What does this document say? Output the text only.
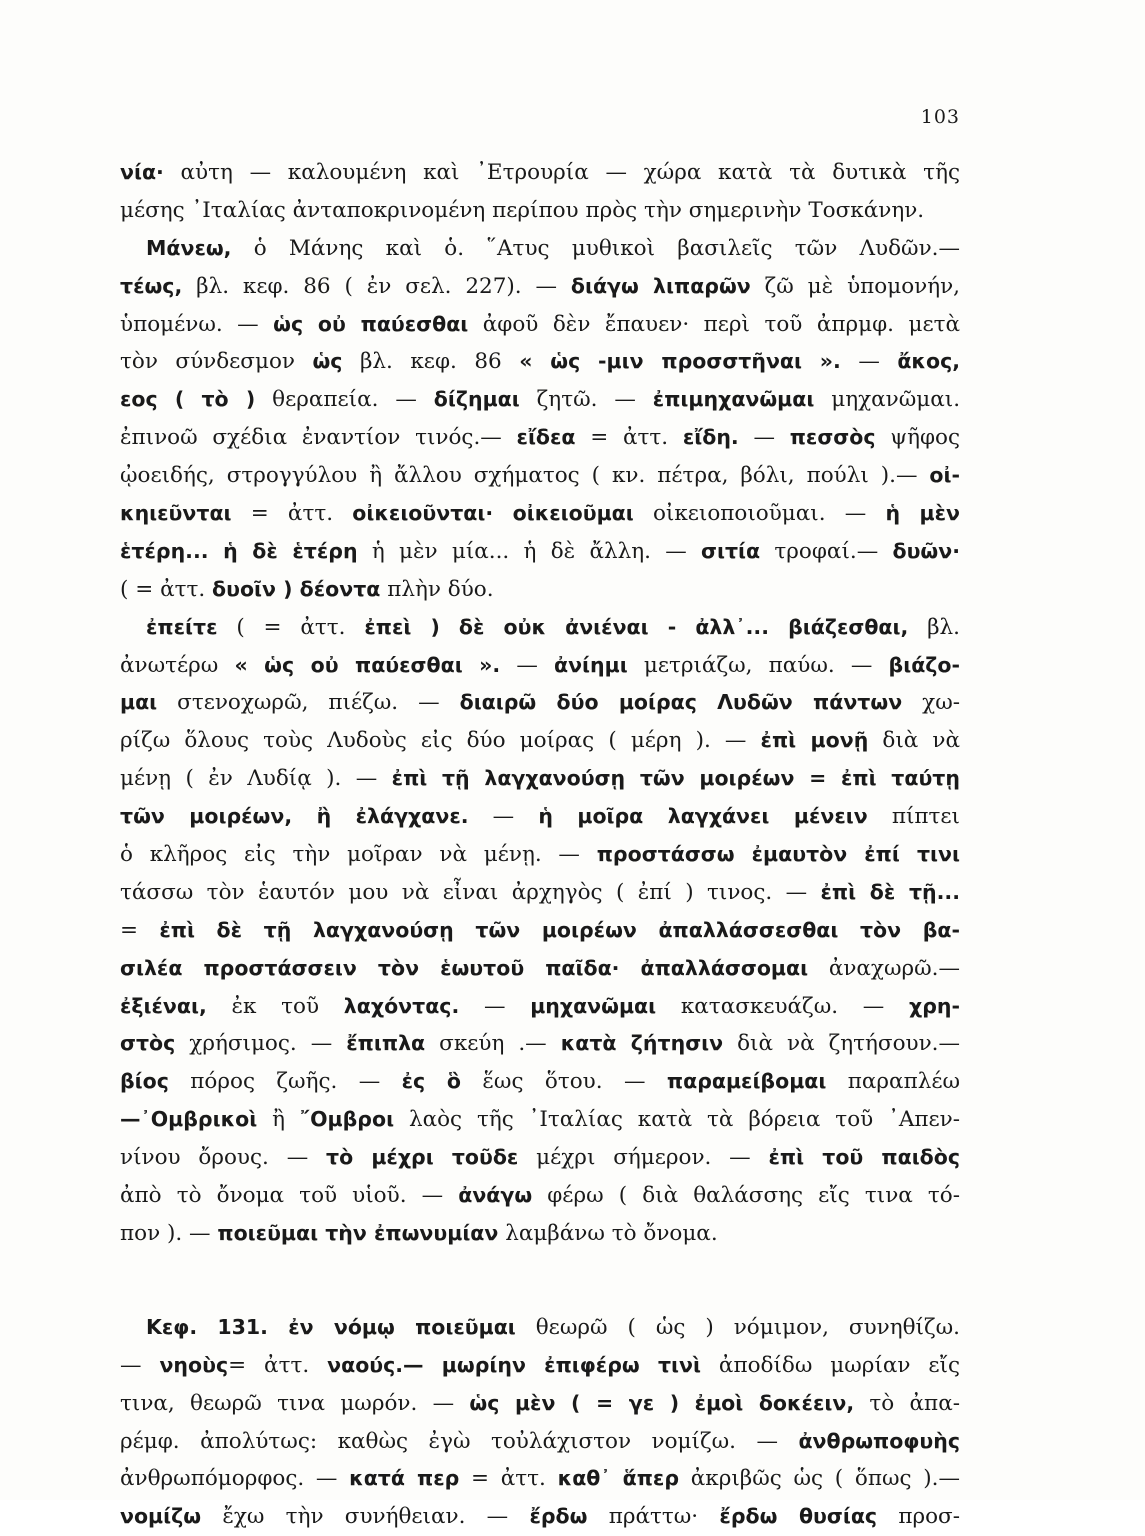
103
νία· αὐτη — καλουμένη καὶ ᾿Ετρουρία — χώρα κατὰ τὰ δυτικὰ τῆς
μέσης ᾿Ιταλίας ἀνταποκρινομένη περίπου πρὸς τὴν σημερινὴν Τοσκάνην.
Μάνεω, ὁ Μάνης καὶ ὁ. ῞Ατυς μυθικοὶ βασιλεῖς τῶν Λυδῶν.—
τέως, βλ. κεφ. 86 ( ἐν σελ. 227). — διάγω λιπαρῶν ζῶ μὲ ὑπομονήν,
ὑπομένω. — ὡς οὐ παύεσθαι ἀφοῦ δὲν ἔπαυεν· περὶ τοῦ ἀπρμφ. μετὰ
τὸν σύνδεσμον ὡς βλ. κεφ. 86 « ὡς -μιν προσστῆναι ». — ἄκος,
εος ( τὸ ) θεραπεία. — δίζημαι ζητῶ. — ἐπιμηχανῶμαι μηχανῶμαι.
ἐπινοῶ σχέδια ἐναντίον τινός.— εἴδεα = ἀττ. εἴδη. — πεσσὸς ψῆφος
ᾠοειδής, στρογγύλου ἢ ἄλλου σχήματος ( κν. πέτρα, βόλι, πούλι ).— οἰ-
κηιεῦνται = ἀττ. οἰκειοῦνται· οἰκειοῦμαι οἰκειοποιοῦμαι. — ἡ μὲν
ἑτέρη... ἡ δὲ ἑτέρη ἡ μὲν μία... ἡ δὲ ἄλλη. — σιτία τροφαί.— δυῶν·
( = ἀττ. δυοῖν ) δέοντα πλὴν δύο.
ἐπείτε ( = ἀττ. ἐπεὶ ) δὲ οὐκ ἀνιέναι - ἀλλ᾿... βιάζεσθαι, βλ.
ἀνωτέρω « ὡς οὐ παύεσθαι ». — ἀνίημι μετριάζω, παύω. — βιάζο-
μαι στενοχωρῶ, πιέζω. — διαιρῶ δύο μοίρας Λυδῶν πάντων χω-
ρίζω ὅλους τοὺς Λυδοὺς εἰς δύο μοίρας ( μέρη ). — ἐπὶ μονῇ διὰ νὰ
μένῃ ( ἐν Λυδίᾳ ). — ἐπὶ τῇ λαγχανούσῃ τῶν μοιρέων = ἐπὶ ταύτῃ
τῶν μοιρέων, ἢ ἐλάγχανε. — ἡ μοῖρα λαγχάνει μένειν πίπτει
ὁ κλῆρος εἰς τὴν μοῖραν νὰ μένῃ. — προστάσσω ἐμαυτὸν ἐπί τινι
τάσσω τὸν ἑαυτόν μου νὰ εἶναι ἀρχηγὸς ( ἐπί ) τινος. — ἐπὶ δὲ τῇ...
= ἐπὶ δὲ τῇ λαγχανούσῃ τῶν μοιρέων ἀπαλλάσσεσθαι τὸν βα-
σιλέα προστάσσειν τὸν ἑωυτοῦ παῖδα· ἀπαλλάσσομαι ἀναχωρῶ.—
ἐξιέναι, ἐκ τοῦ λαχόντας. — μηχανῶμαι κατασκευάζω. — χρη-
στὸς χρήσιμος. — ἔπιπλα σκεύη .— κατὰ ζήτησιν διὰ νὰ ζητήσουν.—
βίος πόρος ζωῆς. — ἐς ὃ ἕως ὅτου. — παραμείβομαι παραπλέω
—᾿Ομβρικοὶ ἢ ῎Ομβροι λαὸς τῆς ᾿Ιταλίας κατὰ τὰ βόρεια τοῦ ᾿Απεν-
νίνου ὄρους. — τὸ μέχρι τοῦδε μέχρι σήμερον. — ἐπὶ τοῦ παιδὸς
ἀπὸ τὸ ὄνομα τοῦ υἱοῦ. — ἀνάγω φέρω ( διὰ θαλάσσης εἴς τινα τό-
πον ). — ποιεῦμαι τὴν ἐπωνυμίαν λαμβάνω τὸ ὄνομα.
Κεφ. 131. ἐν νόμῳ ποιεῦμαι θεωρῶ ( ὡς ) νόμιμον, συνηθίζω.
— νηοὺς= ἀττ. ναούς.— μωρίην ἐπιφέρω τινὶ ἀποδίδω μωρίαν εἴς
τινα, θεωρῶ τινα μωρόν. — ὡς μὲν ( = γε ) ἐμοὶ δοκέειν, τὸ ἀπα-
ρέμφ. ἀπολύτως: καθὼς ἐγὼ τοὐλάχιστον νομίζω. — ἀνθρωποφυὴς
ἀνθρωπόμορφος. — κατά περ = ἀττ. καθ᾿ ἅπερ ἀκριβῶς ὡς ( ὅπως ).—
νομίζω ἔχω τὴν συνήθειαν. — ἔρδω πράττω· ἔρδω θυσίας προσ-
